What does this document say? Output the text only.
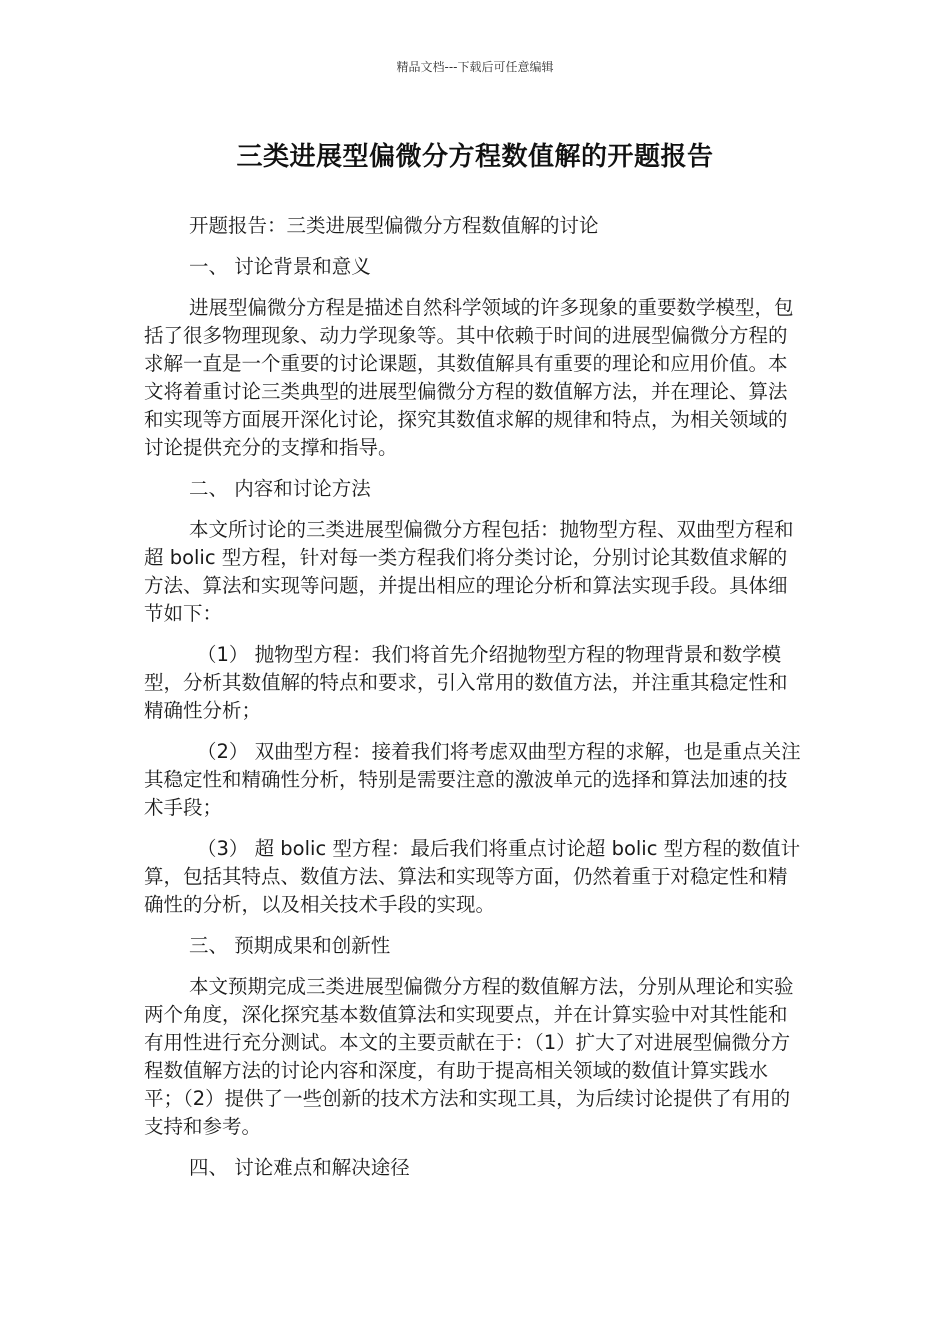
精品文档---下载后可任意编辑
三类进展型偏微分方程数值解的开题报告

开题报告：三类进展型偏微分方程数值解的讨论

一、 讨论背景和意义

进展型偏微分方程是描述自然科学领域的许多现象的重要数学模型，包括了很多物理现象、动力学现象等。其中依赖于时间的进展型偏微分方程的求解一直是一个重要的讨论课题，其数值解具有重要的理论和应用价值。本文将着重讨论三类典型的进展型偏微分方程的数值解方法，并在理论、算法和实现等方面展开深化讨论，探究其数值求解的规律和特点，为相关领域的讨论提供充分的支撑和指导。

二、 内容和讨论方法

本文所讨论的三类进展型偏微分方程包括：抛物型方程、双曲型方程和超 bolic 型方程，针对每一类方程我们将分类讨论，分别讨论其数值求解的方法、算法和实现等问题，并提出相应的理论分析和算法实现手段。具体细节如下：

（1） 抛物型方程：我们将首先介绍抛物型方程的物理背景和数学模型，分析其数值解的特点和要求，引入常用的数值方法，并注重其稳定性和精确性分析；

（2） 双曲型方程：接着我们将考虑双曲型方程的求解，也是重点关注其稳定性和精确性分析，特别是需要注意的激波单元的选择和算法加速的技术手段；

（3） 超 bolic 型方程：最后我们将重点讨论超 bolic 型方程的数值计算，包括其特点、数值方法、算法和实现等方面，仍然着重于对稳定性和精确性的分析，以及相关技术手段的实现。

三、 预期成果和创新性

本文预期完成三类进展型偏微分方程的数值解方法，分别从理论和实验两个角度，深化探究基本数值算法和实现要点，并在计算实验中对其性能和有用性进行充分测试。本文的主要贡献在于：（1）扩大了对进展型偏微分方程数值解方法的讨论内容和深度，有助于提高相关领域的数值计算实践水平；（2）提供了一些创新的技术方法和实现工具，为后续讨论提供了有用的支持和参考。

四、 讨论难点和解决途径
